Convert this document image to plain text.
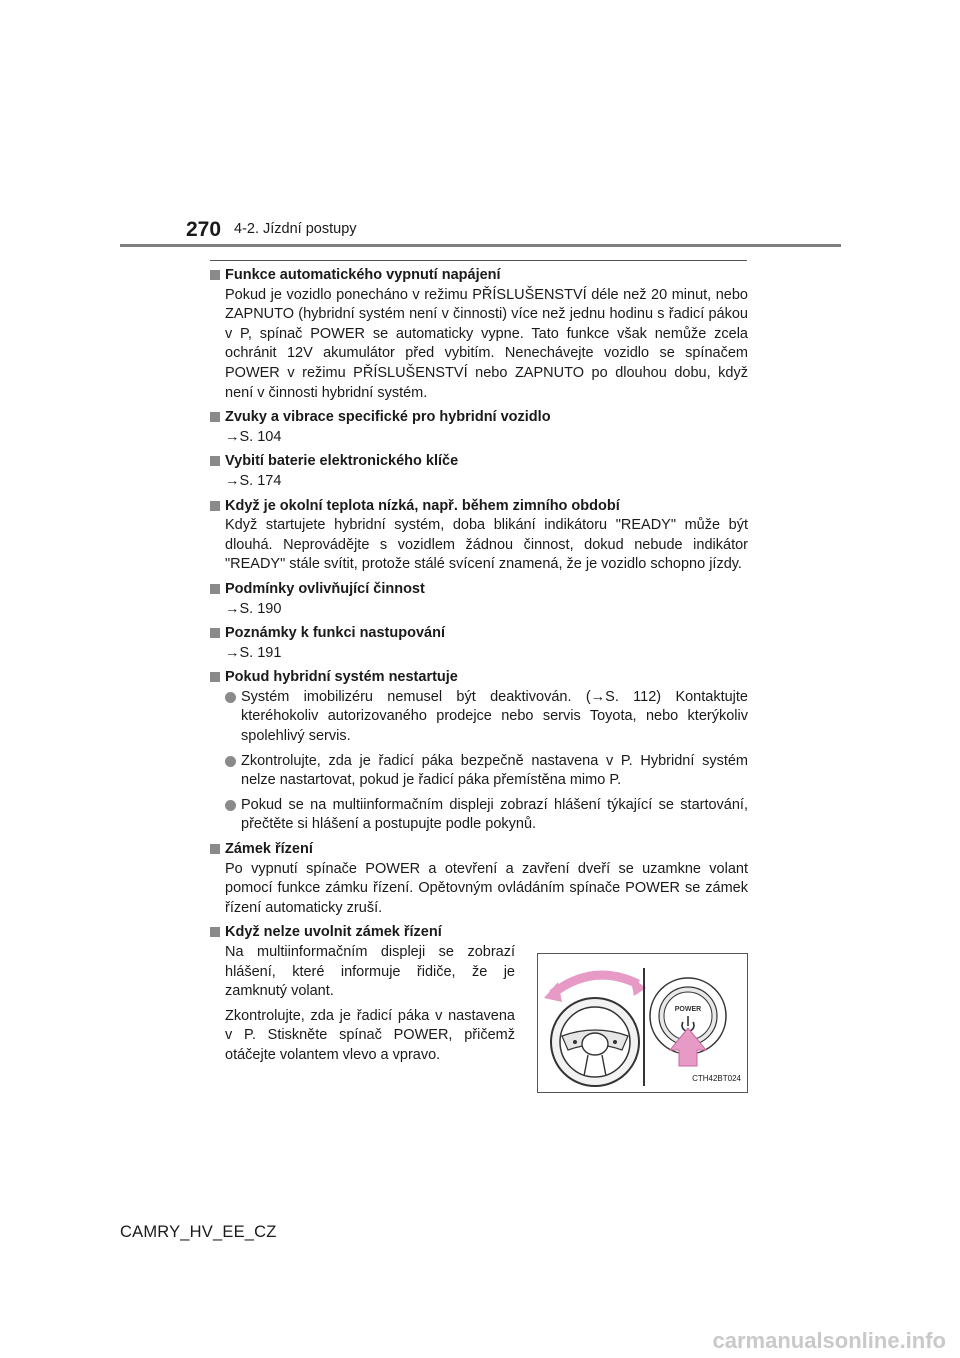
270 4-2. Jízdní postupy
Funkce automatického vypnutí napájení
Pokud je vozidlo ponecháno v režimu PŘÍSLUŠENSTVÍ déle než 20 minut, nebo ZAPNUTO (hybridní systém není v činnosti) více než jednu hodinu s řadicí pákou v P, spínač POWER se automaticky vypne. Tato funkce však nemůže zcela ochránit 12V akumulátor před vybitím. Nenechávejte vozidlo se spínačem POWER v režimu PŘÍSLUŠENSTVÍ nebo ZAPNUTO po dlouhou dobu, když není v činnosti hybridní systém.
Zvuky a vibrace specifické pro hybridní vozidlo
→S. 104
Vybití baterie elektronického klíče
→S. 174
Když je okolní teplota nízká, např. během zimního období
Když startujete hybridní systém, doba blikání indikátoru "READY" může být dlouhá. Neprovádějte s vozidlem žádnou činnost, dokud nebude indikátor "READY" stále svítit, protože stálé svícení znamená, že je vozidlo schopno jízdy.
Podmínky ovlivňující činnost
→S. 190
Poznámky k funkci nastupování
→S. 191
Pokud hybridní systém nestartuje
Systém imobilizéru nemusel být deaktivován. (→S. 112) Kontaktujte kteréhokoliv autorizovaného prodejce nebo servis Toyota, nebo kterýkoliv spolehlivý servis.
Zkontrolujte, zda je řadicí páka bezpečně nastavena v P. Hybridní systém nelze nastartovat, pokud je řadicí páka přemístěna mimo P.
Pokud se na multiinformačním displeji zobrazí hlášení týkající se startování, přečtěte si hlášení a postupujte podle pokynů.
Zámek řízení
Po vypnutí spínače POWER a otevření a zavření dveří se uzamkne volant pomocí funkce zámku řízení. Opětovným ovládáním spínače POWER se zámek řízení automaticky zruší.
Když nelze uvolnit zámek řízení

Na multiinformačním displeji se zobrazí hlášení, které informuje řidiče, že je zamknutý volant.

Zkontrolujte, zda je řadicí páka v nastavena v P. Stiskněte spínač POWER, přičemž otáčejte volantem vlevo a vpravo.

POWER
CTH42BT024
CAMRY_HV_EE_CZ
carmanualsonline.info
